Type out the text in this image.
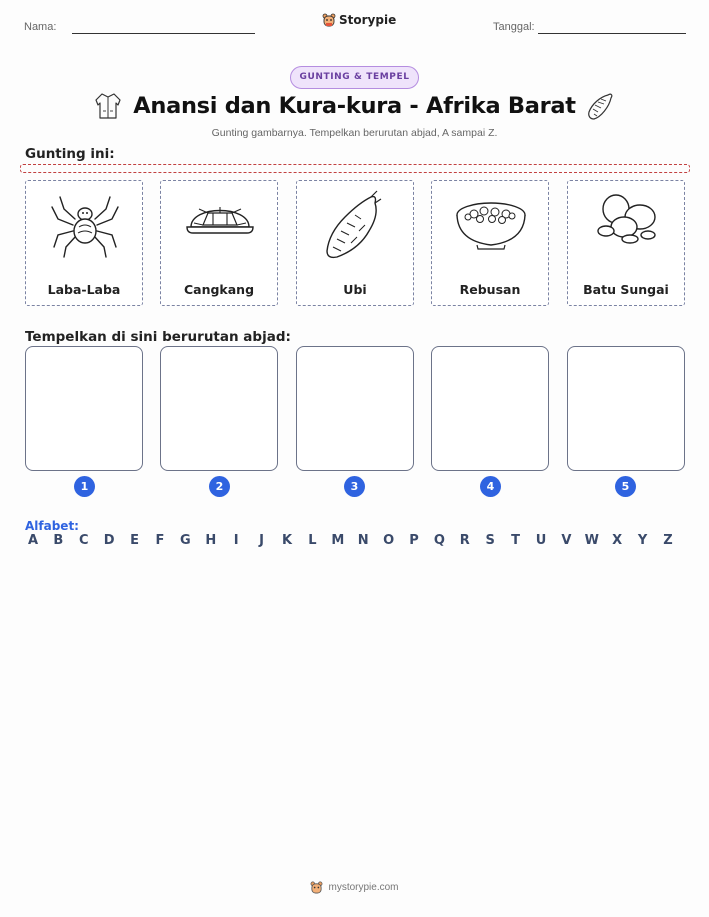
Nama:	Storypie	Tanggal:
GUNTING & TEMPEL
Anansi dan Kura-kura - Afrika Barat
Gunting gambarnya. Tempelkan berurutan abjad, A sampai Z.
Gunting ini:
Laba-Laba	Cangkang	Ubi	Rebusan	Batu Sungai
Tempelkan di sini berurutan abjad:
1	2	3	4	5
Alfabet:
A	B	C	D	E	F	G	H	I	J	K	L	M	N	O	P	Q	R	S	T	U	V	W	X	Y	Z
mystorypie.com
